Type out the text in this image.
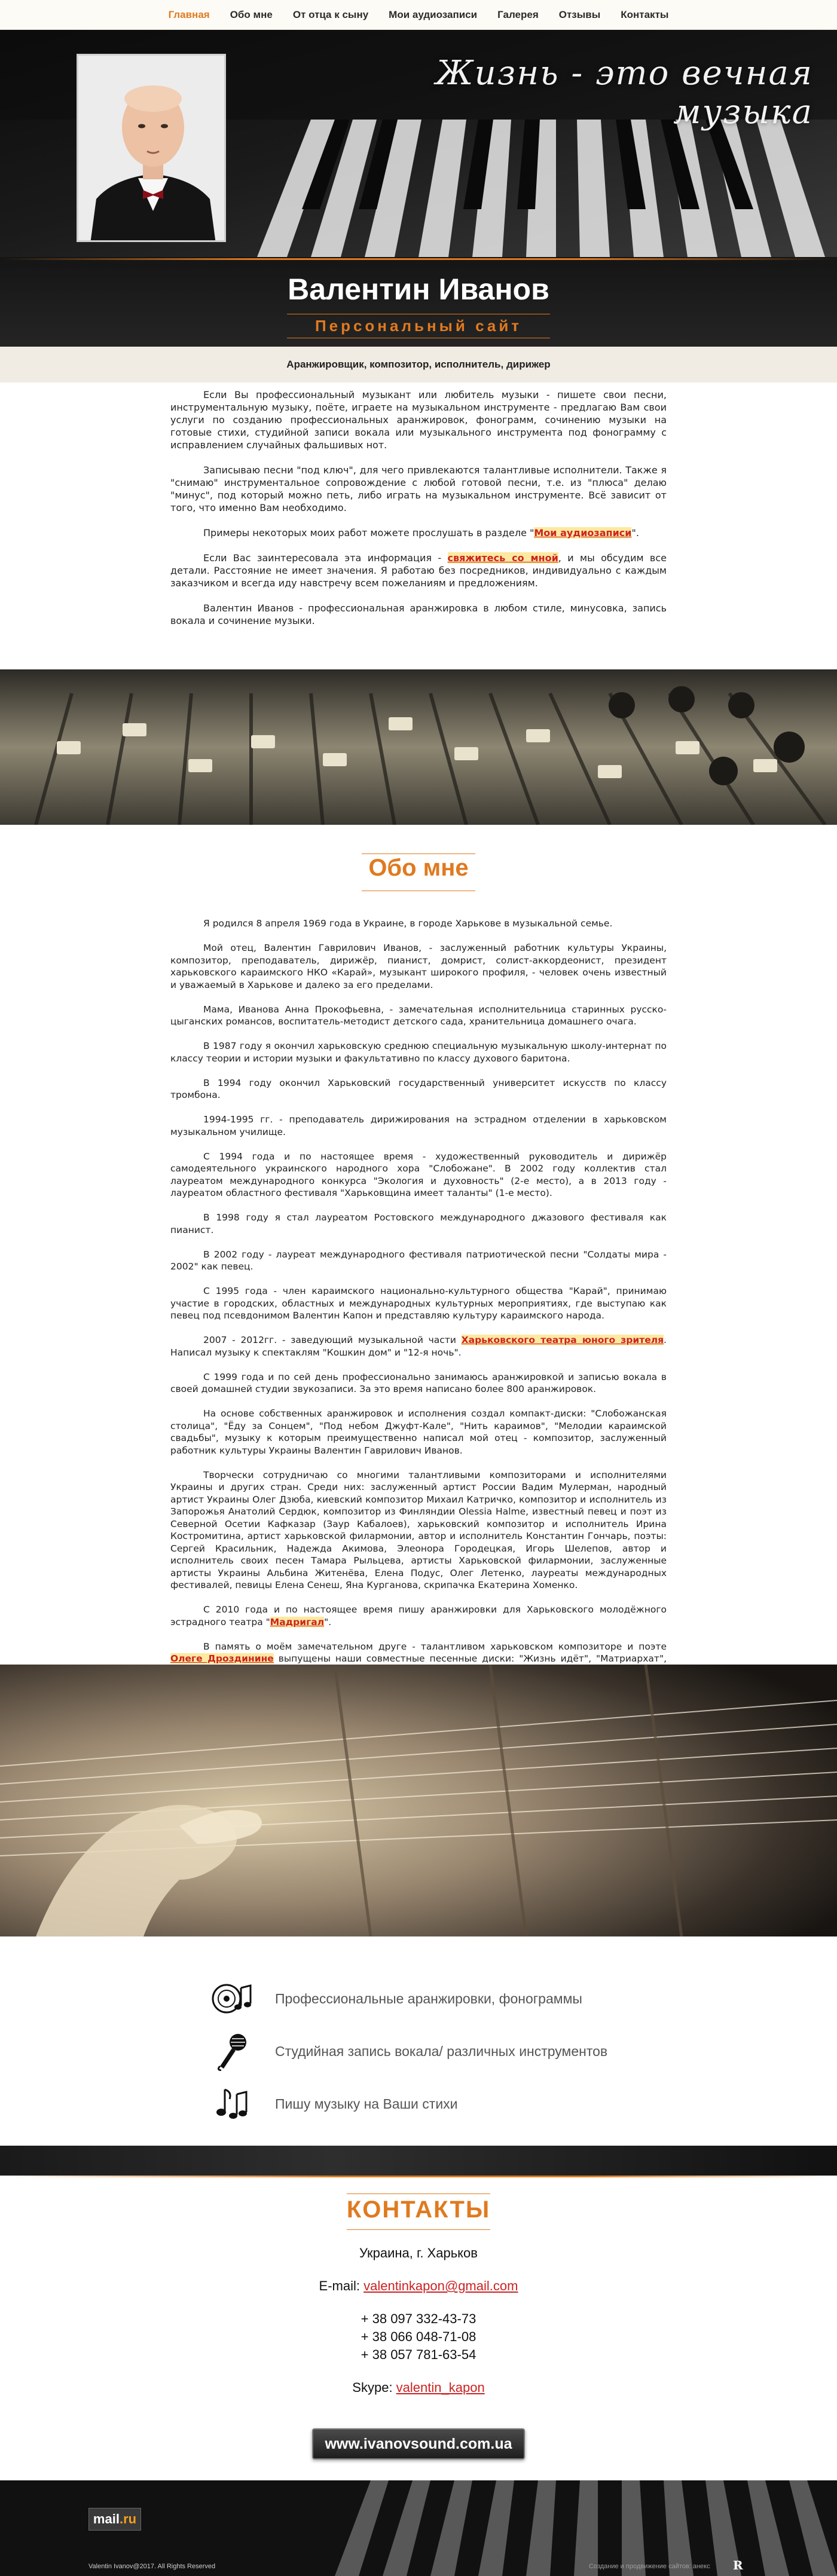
Главная Обо мне От отца к сыну Мои аудиозаписи Галерея Отзывы Контакты
Жизнь - это вечная музыка
Валентин Иванов
Персональный сайт
Аранжировщик, композитор, исполнитель, дирижер

Если Вы профессиональный музыкант или любитель музыки - пишете свои песни, инструментальную музыку, поёте, играете на музыкальном инструменте - предлагаю Вам свои услуги по созданию профессиональных аранжировок, фонограмм, сочинению музыки на готовые стихи, студийной записи вокала или музыкального инструмента под фонограмму с исправлением случайных фальшивых нот.

Записываю песни "под ключ", для чего привлекаются талантливые исполнители. Также я "снимаю" инструментальное сопровождение с любой готовой песни, т.е. из "плюса" делаю "минус", под который можно петь, либо играть на музыкальном инструменте. Всё зависит от того, что именно Вам необходимо.

Примеры некоторых моих работ можете прослушать в разделе "Мои аудиозаписи".

Если Вас заинтересовала эта информация - свяжитесь со мной, и мы обсудим все детали. Расстояние не имеет значения. Я работаю без посредников, индивидуально с каждым заказчиком и всегда иду навстречу всем пожеланиям и предложениям.

Валентин Иванов - профессиональная аранжировка в любом стиле, минусовка, запись вокала и сочинение музыки.

Обо мне

Я родился 8 апреля 1969 года в Украине, в городе Харькове в музыкальной семье.

Мой отец, Валентин Гаврилович Иванов, - заслуженный работник культуры Украины, композитор, преподаватель, дирижёр, пианист, домрист, солист-аккордеонист, президент харьковского караимского НКО «Карай», музыкант широкого профиля, - человек очень известный и уважаемый в Харькове и далеко за его пределами.

Мама, Иванова Анна Прокофьевна, - замечательная исполнительница старинных русско-цыганских романсов, воспитатель-методист детского сада, хранительница домашнего очага.

В 1987 году я окончил харьковскую среднюю специальную музыкальную школу-интернат по классу теории и истории музыки и факультативно по классу духового баритона.

В 1994 году окончил Харьковский государственный университет искусств по классу тромбона.

1994-1995 гг. - преподаватель дирижирования на эстрадном отделении в харьковском музыкальном училище.

С 1994 года и по настоящее время - художественный руководитель и дирижёр самодеятельного украинского народного хора "Слобожане". В 2002 году коллектив стал лауреатом международного конкурса "Экология и духовность" (2-е место), а в 2013 году - лауреатом областного фестиваля "Харьковщина имеет таланты" (1-е место).

В 1998 году я стал лауреатом Ростовского международного джазового фестиваля как пианист.

В 2002 году - лауреат международного фестиваля патриотической песни "Солдаты мира - 2002" как певец.

С 1995 года - член караимского национально-культурного общества "Карай", принимаю участие в городских, областных и международных культурных мероприятиях, где выступаю как певец под псевдонимом Валентин Капон и представляю культуру караимского народа.

2007 - 2012гг. - заведующий музыкальной части Харьковского театра юного зрителя. Написал музыку к спектаклям "Кошкин дом" и "12-я ночь".

С 1999 года и по сей день профессионально занимаюсь аранжировкой и записью вокала в своей домашней студии звукозаписи. За это время написано более 800 аранжировок.

На основе собственных аранжировок и исполнения создал компакт-диски: "Слобожанская столица", "Ёду за Сонцем", "Под небом Джуфт-Кале", "Нить караимов", "Мелодии караимской свадьбы", музыку к которым преимущественно написал мой отец - композитор, заслуженный работник культуры Украины Валентин Гаврилович Иванов.

Творчески сотрудничаю со многими талантливыми композиторами и исполнителями Украины и других стран. Среди них: заслуженный артист России Вадим Мулерман, народный артист Украины Олег Дзюба, киевский композитор Михаил Катричко, композитор и исполнитель из Запорожья Анатолий Сердюк, композитор из Финляндии Olessia Halme, известный певец и поэт из Северной Осетии Кафказар (Заур Кабалоев), харьковский композитор и исполнитель Ирина Костромитина, артист харьковской филармонии, автор и исполнитель Константин Гончарь, поэты: Сергей Красильник, Надежда Акимова, Элеонора Городецкая, Игорь Шелепов, автор и исполнитель своих песен Тамара Рыльцева, артисты Харьковской филармонии, заслуженные артисты Украины Альбина Житенёва, Елена Подус, Олег Летенко, лауреаты международных фестивалей, певицы Елена Сенеш, Яна Курганова, скрипачка Екатерина Хоменко.

С 2010 года и по настоящее время пишу аранжировки для Харьковского молодёжного эстрадного театра "Мадригал".

В память о моём замечательном друге - талантливом харьковском композиторе и поэте Олеге Дроздинине выпущены наши совместные песенные диски: "Жизнь идёт", "Матриархат",

Профессиональные аранжировки, фонограммы
Студийная запись вокала/ различных инструментов
Пишу музыку на Ваши стихи
КОНТАКТЫ
Украина, г. Харьков
E-mail: valentinkapon@gmail.com
+ 38 097 332-43-73
+ 38 066 048-71-08
+ 38 057 781-63-54
Skype: valentin_kapon
www.ivanovsound.com.ua
mail.ru
Valentin Ivanov@2017. All Rights Reserved	Создание и продвижение сайтов: анекс R
